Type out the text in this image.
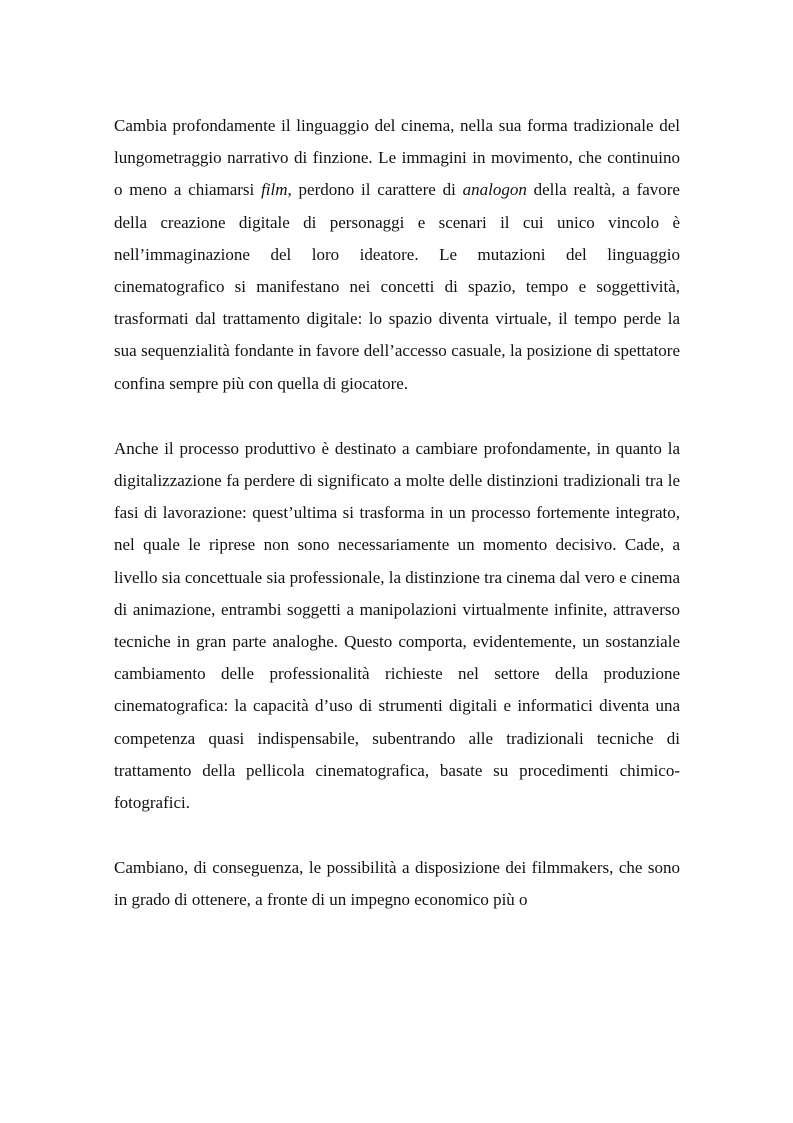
Cambia profondamente il linguaggio del cinema, nella sua forma tradizionale del lungometraggio narrativo di finzione. Le immagini in movimento, che continuino o meno a chiamarsi film, perdono il carattere di analogon della realtà, a favore della creazione digitale di personaggi e scenari il cui unico vincolo è nell’immaginazione del loro ideatore. Le mutazioni del linguaggio cinematografico si manifestano nei concetti di spazio, tempo e soggettività, trasformati dal trattamento digitale: lo spazio diventa virtuale, il tempo perde la sua sequenzialità fondante in favore dell’accesso casuale, la posizione di spettatore confina sempre più con quella di giocatore.

Anche il processo produttivo è destinato a cambiare profondamente, in quanto la digitalizzazione fa perdere di significato a molte delle distinzioni tradizionali tra le fasi di lavorazione: quest’ultima si trasforma in un processo fortemente integrato, nel quale le riprese non sono necessariamente un momento decisivo. Cade, a livello sia concettuale sia professionale, la distinzione tra cinema dal vero e cinema di animazione, entrambi soggetti a manipolazioni virtualmente infinite, attraverso tecniche in gran parte analoghe. Questo comporta, evidentemente, un sostanziale cambiamento delle professionalità richieste nel settore della produzione cinematografica: la capacità d’uso di strumenti digitali e informatici diventa una competenza quasi indispensabile, subentrando alle tradizionali tecniche di trattamento della pellicola cinematografica, basate su procedimenti chimico-fotografici.

Cambiano, di conseguenza, le possibilità a disposizione dei filmmakers, che sono in grado di ottenere, a fronte di un impegno economico più o
